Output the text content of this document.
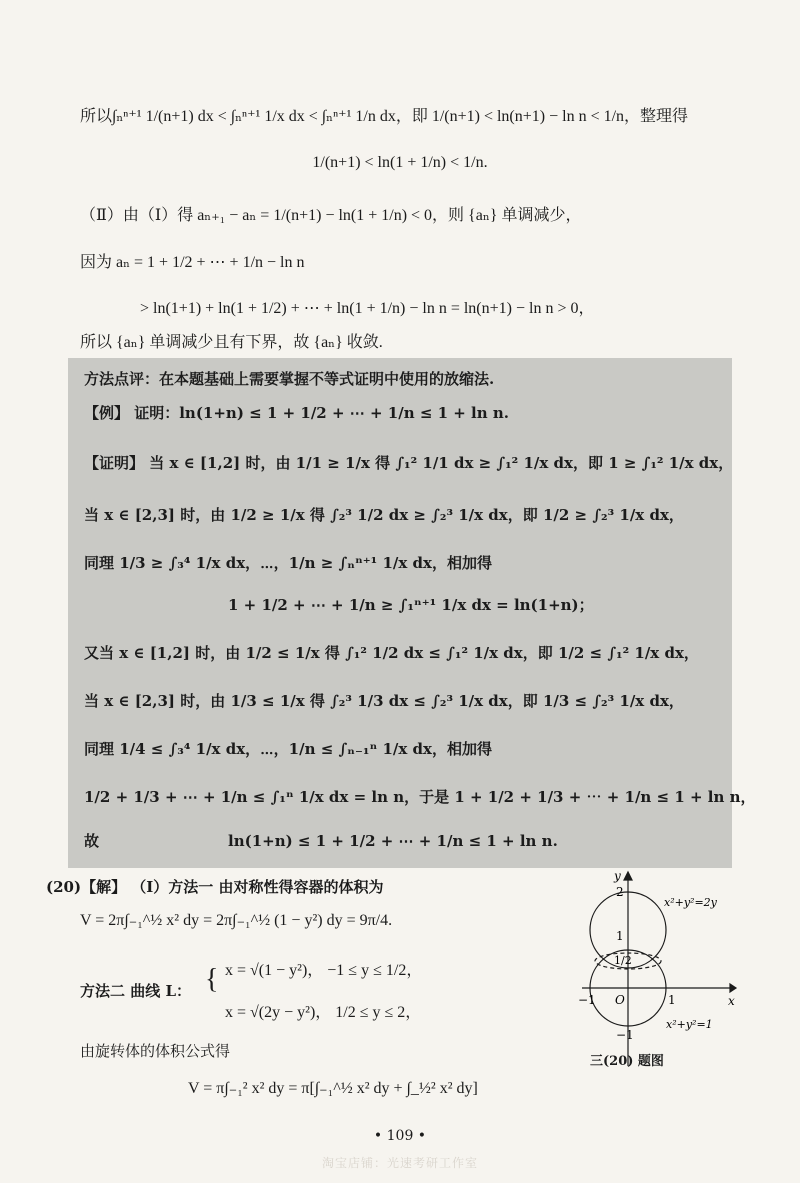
所以∫ₙⁿ⁺¹ 1/(n+1) dx < ∫ₙⁿ⁺¹ 1/x dx < ∫ₙⁿ⁺¹ 1/n dx，即 1/(n+1) < ln(n+1) − ln n < 1/n，整理得
1/(n+1) < ln(1 + 1/n) < 1/n.
（Ⅱ）由（Ⅰ）得 aₙ₊₁ − aₙ = 1/(n+1) − ln(1 + 1/n) < 0，则 {aₙ} 单调减少，
因为 aₙ = 1 + 1/2 + ⋯ + 1/n − ln n
> ln(1+1) + ln(1 + 1/2) + ⋯ + ln(1 + 1/n) − ln n = ln(n+1) − ln n > 0，
所以 {aₙ} 单调减少且有下界，故 {aₙ} 收敛.
方法点评：在本题基础上需要掌握不等式证明中使用的放缩法.
【例】 证明：ln(1+n) ≤ 1 + 1/2 + ⋯ + 1/n ≤ 1 + ln n.
【证明】 当 x ∈ [1,2] 时，由 1/1 ≥ 1/x 得 ∫₁² 1/1 dx ≥ ∫₁² 1/x dx，即 1 ≥ ∫₁² 1/x dx，
当 x ∈ [2,3] 时，由 1/2 ≥ 1/x 得 ∫₂³ 1/2 dx ≥ ∫₂³ 1/x dx，即 1/2 ≥ ∫₂³ 1/x dx，
同理 1/3 ≥ ∫₃⁴ 1/x dx，⋯，1/n ≥ ∫ₙⁿ⁺¹ 1/x dx，相加得
1 + 1/2 + ⋯ + 1/n ≥ ∫₁ⁿ⁺¹ 1/x dx = ln(1+n)；
又当 x ∈ [1,2] 时，由 1/2 ≤ 1/x 得 ∫₁² 1/2 dx ≤ ∫₁² 1/x dx，即 1/2 ≤ ∫₁² 1/x dx，
当 x ∈ [2,3] 时，由 1/3 ≤ 1/x 得 ∫₂³ 1/3 dx ≤ ∫₂³ 1/x dx，即 1/3 ≤ ∫₂³ 1/x dx，
同理 1/4 ≤ ∫₃⁴ 1/x dx，⋯，1/n ≤ ∫ₙ₋₁ⁿ 1/x dx，相加得
1/2 + 1/3 + ⋯ + 1/n ≤ ∫₁ⁿ 1/x dx = ln n，于是 1 + 1/2 + 1/3 + ⋯ + 1/n ≤ 1 + ln n，
故	ln(1+n) ≤ 1 + 1/2 + ⋯ + 1/n ≤ 1 + ln n.
(20)【解】 （Ⅰ）方法一 由对称性得容器的体积为
V = 2π∫₋₁^½ x² dy = 2π∫₋₁^½ (1 − y²) dy = 9π/4.
方法二 曲线 L： { x = √(1 − y²)， −1 ≤ y ≤ 1/2，
x = √(2y − y²)， 1/2 ≤ y ≤ 2，
由旋转体的体积公式得
V = π∫₋₁² x² dy = π[∫₋₁^½ x² dy + ∫_½² x² dy]
y
x
2
1
1/2
O
−1	1
−1
x²+y²=2y
x²+y²=1
三(20) 题图
• 109 •
淘宝店铺：光速考研工作室
